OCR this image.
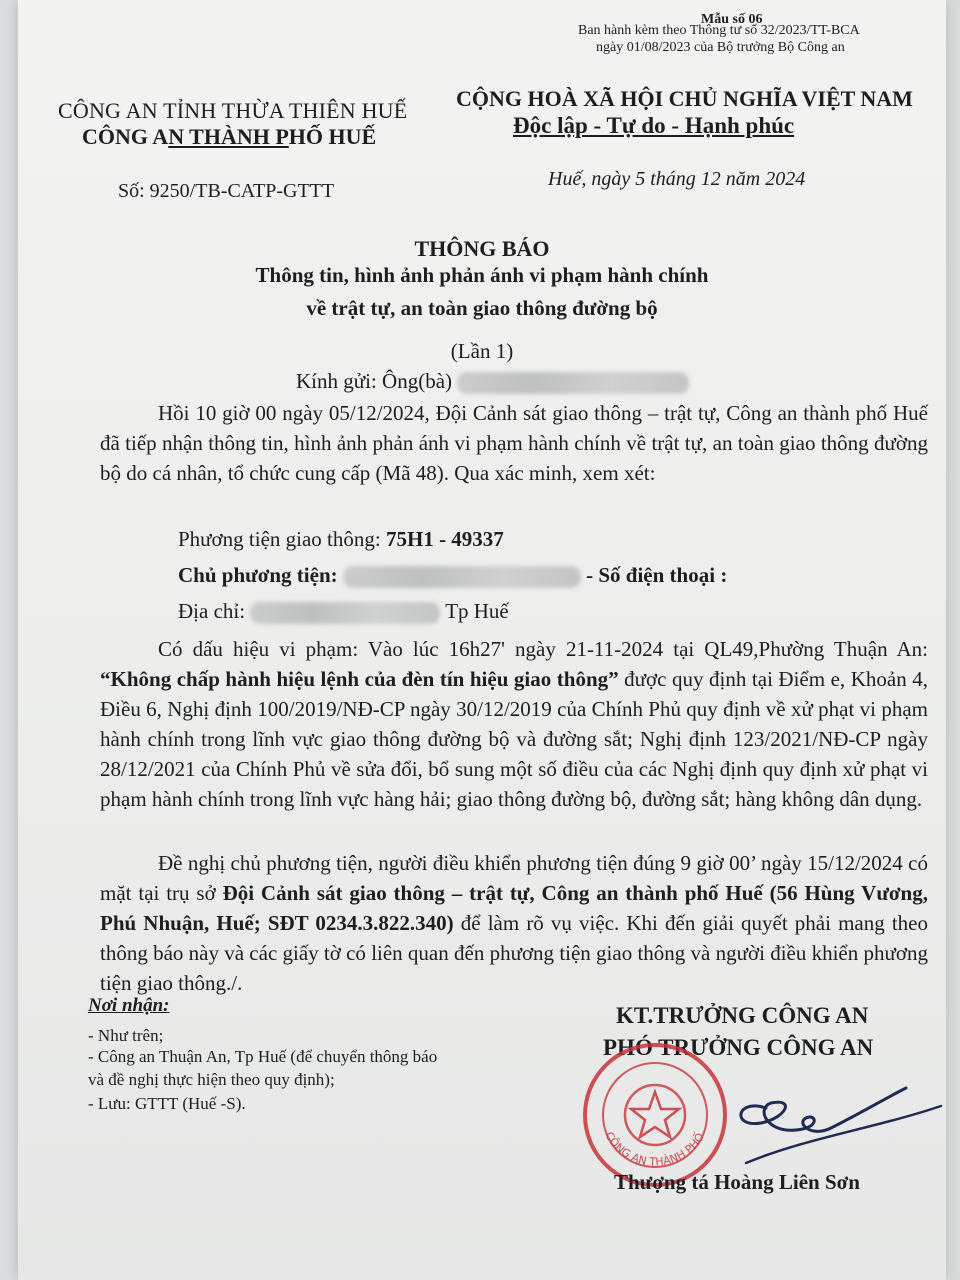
Mẫu số 06
Ban hành kèm theo Thông tư số 32/2023/TT-BCA
ngày 01/08/2023 của Bộ trưởng Bộ Công an
CÔNG AN TỈNH THỪA THIÊN HUẾ
CÔNG AN THÀNH PHỐ HUẾ
Số: 9250/TB-CATP-GTTT
CỘNG HOÀ XÃ HỘI CHỦ NGHĨA VIỆT NAM
Độc lập - Tự do - Hạnh phúc
Huế, ngày 5 tháng 12 năm 2024
THÔNG BÁO
Thông tin, hình ảnh phản ánh vi phạm hành chính
về trật tự, an toàn giao thông đường bộ
(Lần 1)
Kính gửi: Ông(bà)

Hồi 10 giờ 00 ngày 05/12/2024, Đội Cảnh sát giao thông – trật tự, Công an thành phố Huế đã tiếp nhận thông tin, hình ảnh phản ánh vi phạm hành chính về trật tự, an toàn giao thông đường bộ do cá nhân, tổ chức cung cấp (Mã 48). Qua xác minh, xem xét:

Phương tiện giao thông: 75H1 - 49337
Chủ phương tiện:	- Số điện thoại :
Địa chỉ:	Tp Huế

Có dấu hiệu vi phạm: Vào lúc 16h27' ngày 21-11-2024 tại QL49,Phường Thuận An: “Không chấp hành hiệu lệnh của đèn tín hiệu giao thông” được quy định tại Điểm e, Khoản 4, Điều 6, Nghị định 100/2019/NĐ-CP ngày 30/12/2019 của Chính Phủ quy định về xử phạt vi phạm hành chính trong lĩnh vực giao thông đường bộ và đường sắt; Nghị định 123/2021/NĐ-CP ngày 28/12/2021 của Chính Phủ về sửa đổi, bổ sung một số điều của các Nghị định quy định xử phạt vi phạm hành chính trong lĩnh vực hàng hải; giao thông đường bộ, đường sắt; hàng không dân dụng.

Đề nghị chủ phương tiện, người điều khiển phương tiện đúng 9 giờ 00’ ngày 15/12/2024 có mặt tại trụ sở Đội Cảnh sát giao thông – trật tự, Công an thành phố Huế (56 Hùng Vương, Phú Nhuận, Huế; SĐT 0234.3.822.340) để làm rõ vụ việc. Khi đến giải quyết phải mang theo thông báo này và các giấy tờ có liên quan đến phương tiện giao thông và người điều khiển phương tiện giao thông./.

Nơi nhận:
- Như trên;
- Công an Thuận An, Tp Huế (để chuyển thông báo
và đề nghị thực hiện theo quy định);
- Lưu: GTTT (Huế -S).
KT.TRƯỞNG CÔNG AN
PHÓ TRƯỞNG CÔNG AN
CÔNG AN THÀNH PHỐ
Thượng tá Hoàng Liên Sơn
